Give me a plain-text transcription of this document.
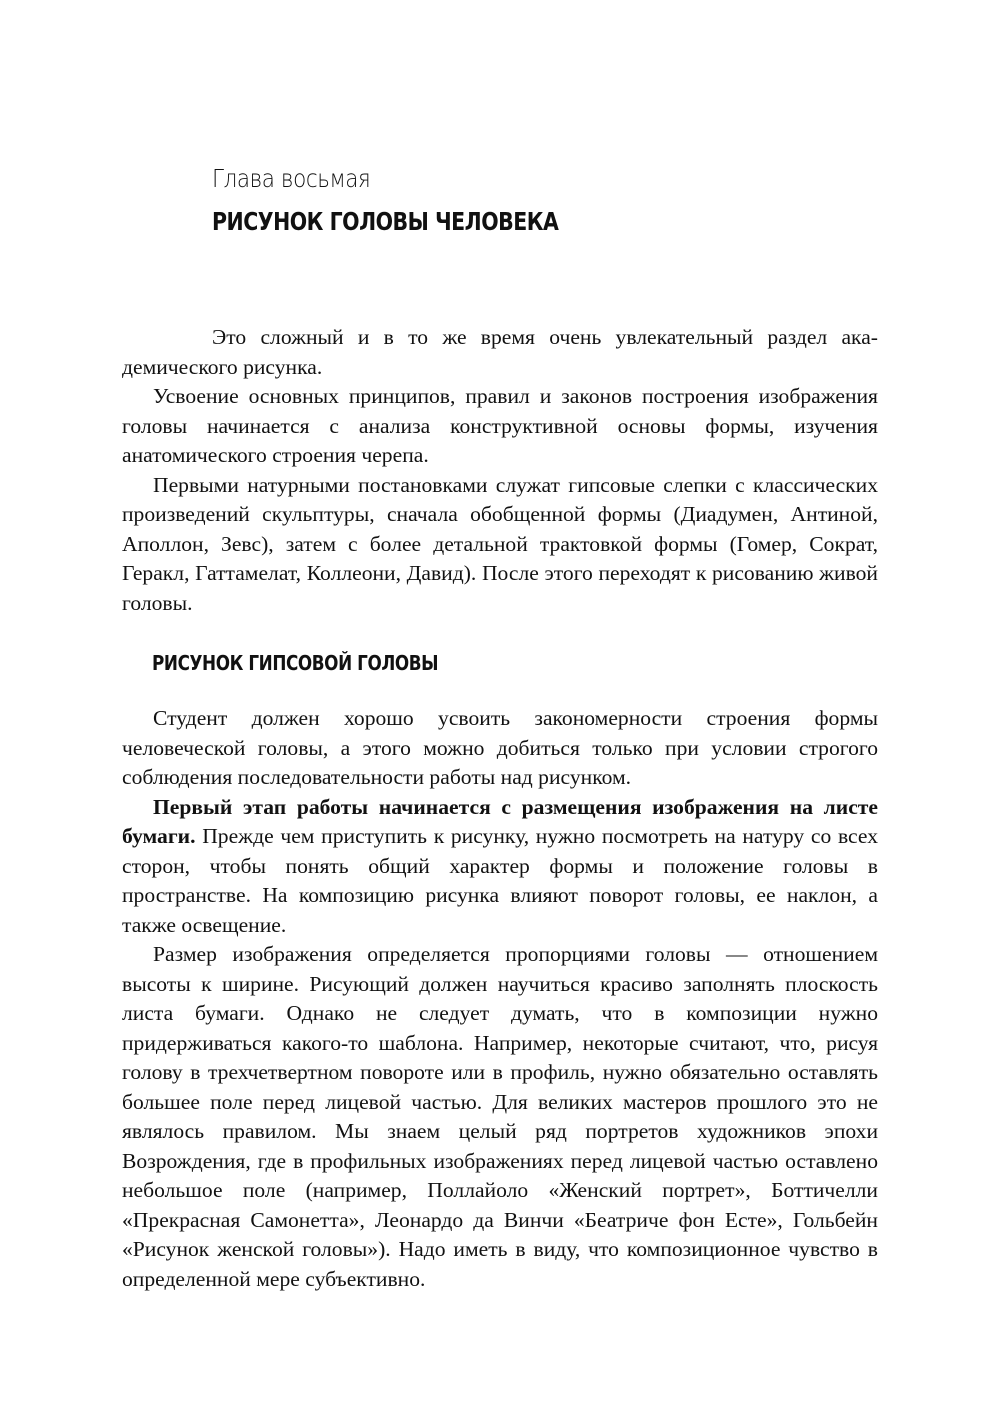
Глава восьмая
РИСУНОК ГОЛОВЫ ЧЕЛОВЕКА

Это сложный и в то же время очень увлекательный раздел академического рисунка.

Усвоение основных принципов, правил и законов построения изображения головы начинается с анализа конструктивной основы формы, изучения анатомического строения черепа.

Первыми натурными постановками служат гипсовые слепки с классических произведений скульптуры, сначала обобщенной формы (Диадумен, Антиной, Аполлон, Зевс), затем с более детальной трактовкой формы (Гомер, Сократ, Геракл, Гаттамелат, Коллеони, Давид). После этого переходят к рисованию живой головы.

РИСУНОК ГИПСОВОЙ ГОЛОВЫ

Студент должен хорошо усвоить закономерности строения формы человеческой головы, а этого можно добиться только при условии строгого соблюдения последовательности работы над рисунком.

Первый этап работы начинается с размещения изображения на листе бумаги. Прежде чем приступить к рисунку, нужно посмотреть на натуру со всех сторон, чтобы понять общий характер формы и положение головы в пространстве. На композицию рисунка влияют поворот головы, ее наклон, а также освещение.

Размер изображения определяется пропорциями головы — отношением высоты к ширине. Рисующий должен научиться красиво заполнять плоскость листа бумаги. Однако не следует думать, что в композиции нужно придерживаться какого-то шаблона. Например, некоторые считают, что, рисуя голову в трехчетвертном повороте или в профиль, нужно обязательно оставлять большее поле перед лицевой частью. Для великих мастеров прошлого это не являлось правилом. Мы знаем целый ряд портретов художников эпохи Возрождения, где в профильных изображениях перед лицевой частью оставлено небольшое поле (например, Поллайоло «Женский портрет», Боттичелли «Прекрасная Самонетта», Леонардо да Винчи «Беатриче фон Есте», Гольбейн «Рисунок женской головы»). Надо иметь в виду, что композиционное чувство в определенной мере субъективно.
